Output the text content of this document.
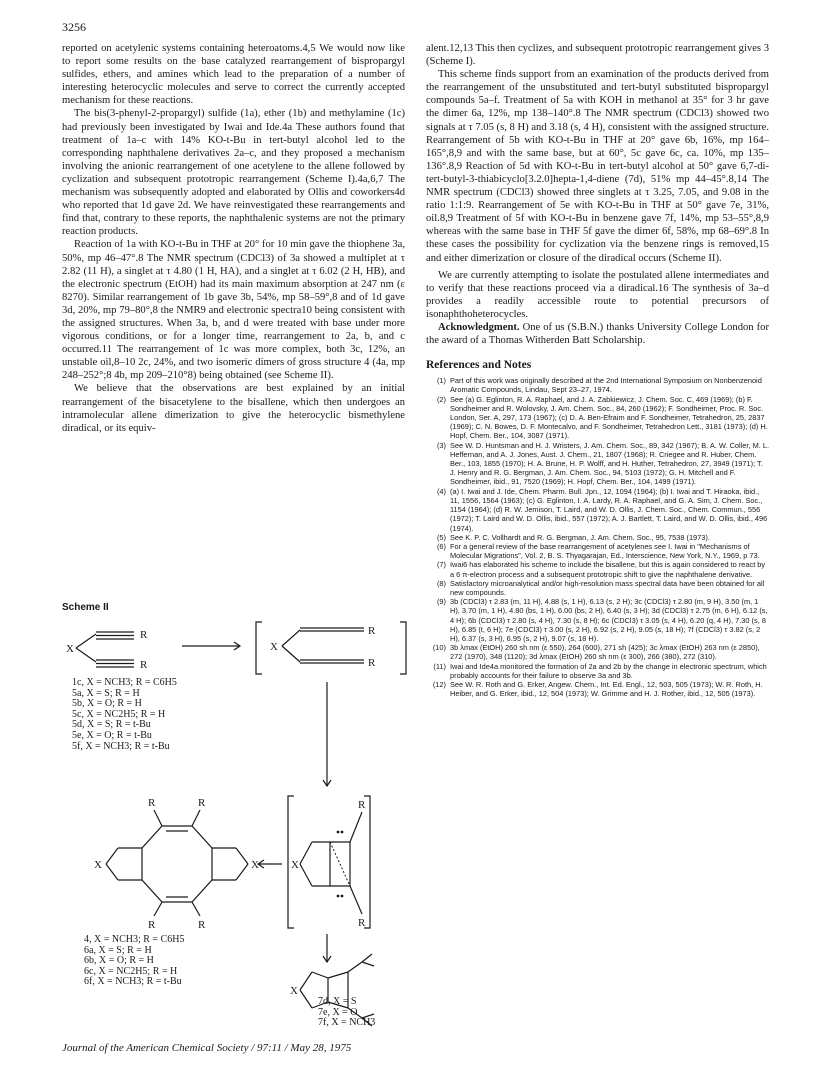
3256

reported on acetylenic systems containing heteroatoms.4,5 We would now like to report some results on the base catalyzed rearrangement of bispropargyl sulfides, ethers, and amines which lead to the preparation of a number of interesting heterocyclic molecules and serve to correct the currently accepted mechanism for these reactions.

The bis(3-phenyl-2-propargyl) sulfide (1a), ether (1b) and methylamine (1c) had previously been investigated by Iwai and Ide.4a These authors found that treatment of 1a–c with 14% KO-t-Bu in tert-butyl alcohol led to the corresponding naphthalene derivatives 2a–c, and they proposed a mechanism involving the anionic rearrangement of one acetylene to the allene followed by cyclization and subsequent prototropic rearrangement (Scheme I).4a,6,7 The mechanism was subsequently adopted and elaborated by Ollis and coworkers4d who reported that 1d gave 2d. We have reinvestigated these rearrangements and find that, contrary to these reports, the naphthalenic systems are not the primary reaction products.

Reaction of 1a with KO-t-Bu in THF at 20° for 10 min gave the thiophene 3a, 50%, mp 46–47°.8 The NMR spectrum (CDCl3) of 3a showed a multiplet at τ 2.82 (11 H), a singlet at τ 4.80 (1 H, HA), and a singlet at τ 6.02 (2 H, HB), and the electronic spectrum (EtOH) had its main maximum absorption at 247 nm (ε 8270). Similar rearrangement of 1b gave 3b, 54%, mp 58–59°,8 and of 1d gave 3d, 20%, mp 79–80°,8 the NMR9 and electronic spectra10 being consistent with the assigned structures. When 3a, b, and d were treated with base under more vigorous conditions, or for a longer time, rearrangement to 2a, b, and c occurred.11 The rearrangement of 1c was more complex, both 3c, 12%, an unstable oil,8–10 2c, 24%, and two isomeric dimers of gross structure 4 (4a, mp 248–252°;8 4b, mp 209–210°8) being obtained (see Scheme II).

We believe that the observations are best explained by an initial rearrangement of the bisacetylene to the bisallene, which then undergoes an intramolecular allene dimerization to give the heterocyclic bismethylene diradical, or its equiv-

Scheme II
X
R
R
X
R
R
X	X
R	R
R	R
X
R
R
X
1c, X = NCH3; R = C6H5
5a, X = S; R = H
5b, X = O; R = H
5c, X = NC2H5; R = H
5d, X = S; R = t-Bu
5e, X = O; R = t-Bu
5f, X = NCH3; R = t-Bu
4, X = NCH3; R = C6H5
6a, X = S; R = H
6b, X = O; R = H
6c, X = NC2H5; R = H
6f, X = NCH3; R = t-Bu
7d, X = S
7e, X = O
7f, X = NCH3

alent.12,13 This then cyclizes, and subsequent prototropic rearrangement gives 3 (Scheme I).

This scheme finds support from an examination of the products derived from the rearrangement of the unsubstituted and tert-butyl substituted bispropargyl compounds 5a–f. Treatment of 5a with KOH in methanol at 35° for 3 hr gave the dimer 6a, 12%, mp 138–140°.8 The NMR spectrum (CDCl3) showed two signals at τ 7.05 (s, 8 H) and 3.18 (s, 4 H), consistent with the assigned structure. Rearrangement of 5b with KO-t-Bu in THF at 20° gave 6b, 16%, mp 164–165°,8,9 and with the same base, but at 60°, 5c gave 6c, ca. 10%, mp 135–136°.8,9 Reaction of 5d with KO-t-Bu in tert-butyl alcohol at 50° gave 6,7-di-tert-butyl-3-thiabicyclo[3.2.0]hepta-1,4-diene (7d), 51% mp 44–45°.8,14 The NMR spectrum (CDCl3) showed three singlets at τ 3.25, 7.05, and 9.08 in the ratio 1:1:9. Rearrangement of 5e with KO-t-Bu in THF at 50° gave 7e, 31%, oil.8,9 Treatment of 5f with KO-t-Bu in benzene gave 7f, 14%, mp 53–55°,8,9 whereas with the same base in THF 5f gave the dimer 6f, 58%, mp 68–69°.8 In these cases the possibility for cyclization via the benzene rings is removed,15 and either dimerization or closure of the diradical occurs (Scheme II).

We are currently attempting to isolate the postulated allene intermediates and to verify that these reactions proceed via a diradical.16 The synthesis of 3a–d provides a readily accessible route to potential precursors of isonaphthoheterocycles.

Acknowledgment. One of us (S.B.N.) thanks University College London for the award of a Thomas Witherden Batt Scholarship.

References and Notes
(1) Part of this work was originally described at the 2nd International Symposium on Nonbenzenoid Aromatic Compounds, Lindau, Sept 23–27, 1974.
(2) See (a) G. Eglinton, R. A. Raphael, and J. A. Zabkiewicz, J. Chem. Soc. C, 469 (1969); (b) F. Sondheimer and R. Wolovsky, J. Am. Chem. Soc., 84, 260 (1962); F. Sondheimer, Proc. R. Soc. London, Ser. A, 297, 173 (1967); (c) D. A. Ben-Efraim and F. Sondheimer, Tetrahedron, 25, 2837 (1969); C. N. Bowes, D. F. Montecalvo, and F. Sondheimer, Tetrahedron Lett., 3181 (1973); (d) H. Hopf, Chem. Ber., 104, 3087 (1971).
(3) See W. D. Huntsman and H. J. Wristers, J. Am. Chem. Soc., 89, 342 (1967); B. A. W. Coller, M. L. Heffernan, and A. J. Jones, Aust. J. Chem., 21, 1807 (1968); R. Criegee and R. Huber, Chem. Ber., 103, 1855 (1970); H. A. Brune, H. P. Wolff, and H. Huther, Tetrahedron, 27, 3949 (1971); T. J. Henry and R. G. Bergman, J. Am. Chem. Soc., 94, 5103 (1972); G. H. Mitchell and F. Sondheimer, ibid., 91, 7520 (1969); H. Hopf, Chem. Ber., 104, 1499 (1971).
(4) (a) I. Iwai and J. Ide, Chem. Pharm. Bull. Jpn., 12, 1094 (1964); (b) I. Iwai and T. Hiraoka, ibid., 11, 1556, 1564 (1963); (c) G. Eglinton, I. A. Lardy, R. A. Raphael, and G. A. Sim, J. Chem. Soc., 1154 (1964); (d) R. W. Jemison, T. Laird, and W. D. Ollis, J. Chem. Soc., Chem. Commun., 556 (1972); T. Laird and W. D. Ollis, ibid., 557 (1972); A. J. Bartlett, T. Laird, and W. D. Ollis, ibid., 496 (1974).
(5) See K. P. C. Vollhardt and R. G. Bergman, J. Am. Chem. Soc., 95, 7538 (1973).
(6) For a general review of the base rearrangement of acetylenes see I. Iwai in "Mechanisms of Molecular Migrations", Vol. 2, B. S. Thyagarajan, Ed., Interscience, New York, N.Y., 1969, p 73.
(7) Iwai6 has elaborated his scheme to include the bisallene, but this is again considered to react by a 6 π-electron process and a subsequent prototropic shift to give the naphthalene derivative.
(8) Satisfactory microanalytical and/or high-resolution mass spectral data have been obtained for all new compounds.
(9) 3b (CDCl3) τ 2.83 (m, 11 H), 4.88 (s, 1 H), 6.13 (s, 2 H); 3c (CDCl3) τ 2.80 (m, 9 H), 3.50 (m, 1 H), 3.70 (m, 1 H), 4.80 (bs, 1 H), 6.00 (bs, 2 H), 6.40 (s, 3 H); 3d (CDCl3) τ 2.75 (m, 6 H), 6.12 (s, 4 H); 6b (CDCl3) τ 2.80 (s, 4 H), 7.30 (s, 8 H); 6c (CDCl3) τ 3.05 (s, 4 H), 6.20 (q, 4 H), 7.30 (s, 8 H), 6.85 (t, 6 H); 7e (CDCl3) τ 3.00 (s, 2 H), 6.92 (s, 2 H), 9.05 (s, 18 H); 7f (CDCl3) τ 3.82 (s, 2 H), 6.37 (s, 3 H), 6.95 (s, 2 H), 9.07 (s, 18 H).
(10) 3b λmax (EtOH) 260 sh nm (ε 550), 264 (600), 271 sh (425); 3c λmax (EtOH) 263 nm (ε 2850), 272 (1970), 348 (1120); 3d λmax (EtOH) 260 sh nm (ε 300), 266 (380), 272 (310).
(11) Iwai and Ide4a monitored the formation of 2a and 2b by the change in electronic spectrum, which probably accounts for their failure to observe 3a and 3b.
(12) See W. R. Roth and G. Erker, Angew. Chem., Int. Ed. Engl., 12, 503, 505 (1973); W. R. Roth, H. Heiber, and G. Erker, ibid., 12, 504 (1973); W. Grimme and H. J. Rother, ibid., 12, 505 (1973).
Journal of the American Chemical Society / 97:11 / May 28, 1975
